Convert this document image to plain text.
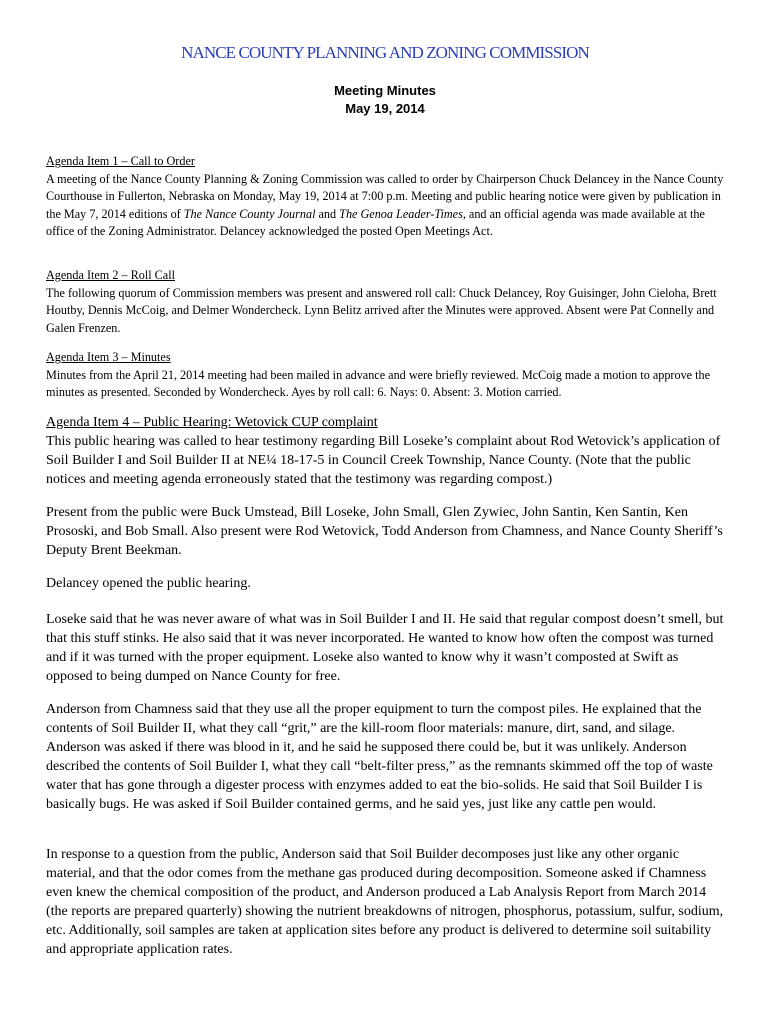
NANCE COUNTY PLANNING AND ZONING COMMISSION
Meeting Minutes
May 19, 2014
Agenda Item 1 – Call to Order

A meeting of the Nance County Planning & Zoning Commission was called to order by Chairperson Chuck Delancey in the Nance County Courthouse in Fullerton, Nebraska on Monday, May 19, 2014 at 7:00 p.m. Meeting and public hearing notice were given by publication in the May 7, 2014 editions of The Nance County Journal and The Genoa Leader-Times, and an official agenda was made available at the office of the Zoning Administrator. Delancey acknowledged the posted Open Meetings Act.

Agenda Item 2 – Roll Call

The following quorum of Commission members was present and answered roll call: Chuck Delancey, Roy Guisinger, John Cieloha, Brett Houtby, Dennis McCoig, and Delmer Wondercheck. Lynn Belitz arrived after the Minutes were approved. Absent were Pat Connelly and Galen Frenzen.

Agenda Item 3 – Minutes

Minutes from the April 21, 2014 meeting had been mailed in advance and were briefly reviewed. McCoig made a motion to approve the minutes as presented. Seconded by Wondercheck. Ayes by roll call: 6. Nays: 0. Absent: 3. Motion carried.

Agenda Item 4 – Public Hearing: Wetovick CUP complaint

This public hearing was called to hear testimony regarding Bill Loseke’s complaint about Rod Wetovick’s application of Soil Builder I and Soil Builder II at NE¼ 18-17-5 in Council Creek Township, Nance County. (Note that the public notices and meeting agenda erroneously stated that the testimony was regarding compost.)

Present from the public were Buck Umstead, Bill Loseke, John Small, Glen Zywiec, John Santin, Ken Santin, Ken Prososki, and Bob Small. Also present were Rod Wetovick, Todd Anderson from Chamness, and Nance County Sheriff’s Deputy Brent Beekman.
Delancey opened the public hearing.
Loseke said that he was never aware of what was in Soil Builder I and II. He said that regular compost doesn’t smell, but that this stuff stinks. He also said that it was never incorporated. He wanted to know how often the compost was turned and if it was turned with the proper equipment. Loseke also wanted to know why it wasn’t composted at Swift as opposed to being dumped on Nance County for free.
Anderson from Chamness said that they use all the proper equipment to turn the compost piles. He explained that the contents of Soil Builder II, what they call “grit,” are the kill-room floor materials: manure, dirt, sand, and silage. Anderson was asked if there was blood in it, and he said he supposed there could be, but it was unlikely. Anderson described the contents of Soil Builder I, what they call “belt-filter press,” as the remnants skimmed off the top of waste water that has gone through a digester process with enzymes added to eat the bio-solids. He said that Soil Builder I is basically bugs. He was asked if Soil Builder contained germs, and he said yes, just like any cattle pen would.
In response to a question from the public, Anderson said that Soil Builder decomposes just like any other organic material, and that the odor comes from the methane gas produced during decomposition. Someone asked if Chamness even knew the chemical composition of the product, and Anderson produced a Lab Analysis Report from March 2014 (the reports are prepared quarterly) showing the nutrient breakdowns of nitrogen, phosphorus, potassium, sulfur, sodium, etc. Additionally, soil samples are taken at application sites before any product is delivered to determine soil suitability and appropriate application rates.
